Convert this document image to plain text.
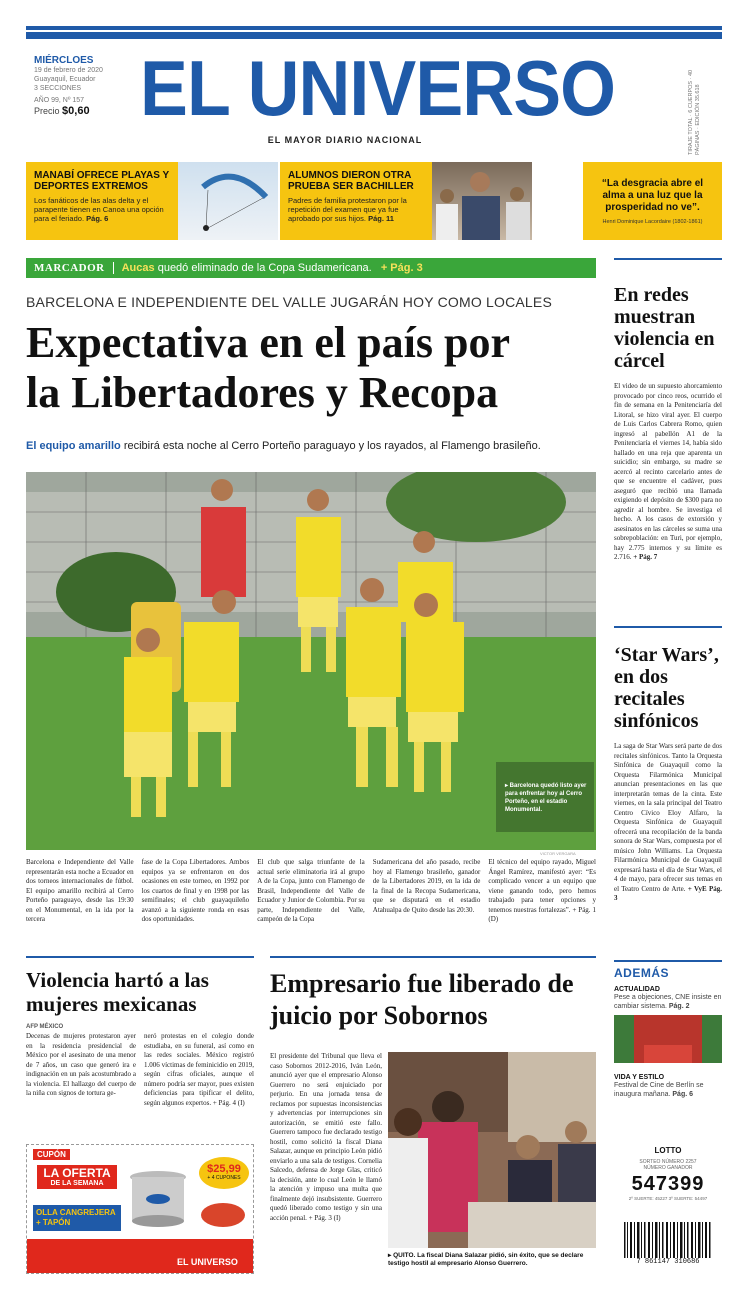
MIÉRCLOES
19 de febrero de 2020
Guayaquil, Ecuador
3 SECCIONES
AÑO 99, Nº 157
Precio $0,60 EL UNIVERSO
EL MAYOR DIARIO NACIONAL	TIRAJE TOTAL · 6 CUERPOS · 40 PÁGINAS · EDICIÓN 35.618
MANABÍ OFRECE PLAYAS Y DEPORTES EXTREMOS
Los fanáticos de las alas delta y el parapente tienen en Canoa una opción para el feriado. Pág. 6
ALUMNOS DIERON OTRA PRUEBA SER BACHILLER
Padres de familia protestaron por la repetición del examen que ya fue aprobado por sus hijos. Pág. 11
“La desgracia abre el alma a una luz que la prosperidad no ve”.
Henri Dominique Lacordaire (1802-1861)
MARCADOR Aucas quedó eliminado de la Copa Sudamericana. + Pág. 3
BARCELONA E INDEPENDIENTE DEL VALLE JUGARÁN HOY COMO LOCALES
Expectativa en el país por
la Libertadores y Recopa
El equipo amarillo recibirá esta noche al Cerro Porteño paraguayo y los rayados, al Flamengo brasileño.
▸ Barcelona quedó listo ayer para enfrentar hoy al Cerro Porteño, en el estadio Monumental.
VICTOR VERGARA
Barcelona e Independiente del Valle representarán esta noche a Ecuador en dos torneos internacionales de fútbol. El equipo amarillo recibirá al Cerro Porteño paraguayo, desde las 19:30 en el Monumental, en la ida por la tercera
fase de la Copa Libertadores. Ambos equipos ya se enfrentaron en dos ocasiones en este torneo, en 1992 por los cuartos de final y en 1998 por las semifinales; el club guayaquileño avanzó a la siguiente ronda en esas dos oportunidades.
El club que salga triunfante de la actual serie eliminatoria irá al grupo A de la Copa, junto con Flamengo de Brasil, Independiente del Valle de Ecuador y Junior de Colombia. Por su parte, Independiente del Valle, campeón de la Copa
Sudamericana del año pasado, recibe hoy al Flamengo brasileño, ganador de la Libertadores 2019, en la ida de la final de la Recopa Sudamericana, que se disputará en el estadio Atahualpa de Quito desde las 20:30.
El técnico del equipo rayado, Miguel Ángel Ramírez, manifestó ayer: “Es complicado vencer a un equipo que viene ganando todo, pero hemos trabajado para tener opciones y tenemos nuestras fortalezas”. + Pág. 1 (D)
En redes muestran violencia en cárcel
El video de un supuesto ahorcamiento provocado por cinco reos, ocurrido el fin de semana en la Penitenciaría del Litoral, se hizo viral ayer. El cuerpo de Luis Carlos Cabrera Romo, quien ingresó al pabellón A1 de la Penitenciaría el viernes 14, había sido hallado en una reja que aparenta un suicidio; sin embargo, su madre se acercó al recinto carcelario antes de que se encuentre el cadáver, pues aseguró que recibió una llamada exigiendo el depósito de $300 para no agredir al hombre. Se investiga el hecho. A los casos de extorsión y asesinatos en las cárceles se suma una sobrepoblación: en Turi, por ejemplo, hay 2.775 internos y su límite es 2.716. + Pág. 7
‘Star Wars’, en dos recitales sinfónicos
La saga de Star Wars será parte de dos recitales sinfónicos. Tanto la Orquesta Sinfónica de Guayaquil como la Orquesta Filarmónica Municipal anuncian presentaciones en las que interpretarán temas de la cinta. Este viernes, en la sala principal del Teatro Centro Cívico Eloy Alfaro, la Orquesta Sinfónica de Guayaquil ofrecerá una recopilación de la banda sonora de Star Wars, compuesta por el músico John Williams. La Orquesta Filarmónica Municipal de Guayaquil expresará hasta el día de Star Wars, el 4 de mayo, para ofrecer sus temas en el Teatro Centro de Arte. + VyE Pág. 3
Violencia hartó a las mujeres mexicanas
AFP MÉXICO
Decenas de mujeres protestaron ayer en la residencia presidencial de México por el asesinato de una menor de 7 años, un caso que generó ira e indignación en un país acostumbrado a la violencia. El hallazgo del cuerpo de la niña con signos de tortura ge-
neró protestas en el colegio donde estudiaba, en su funeral, así como en las redes sociales. México registró 1.006 víctimas de feminicidio en 2019, según cifras oficiales, aunque el número podría ser mayor, pues existen deficiencias para tipificar el delito, según algunos expertos. + Pág. 4 (I)
CUPÓN
LA OFERTA
DE LA SEMANA
OLLA CANGREJERA + TAPÓN
$25,99
+ 4 CUPONES
EL UNIVERSO
Empresario fue liberado de juicio por Sobornos
El presidente del Tribunal que lleva el caso Sobornos 2012-2016, Iván León, anunció ayer que el empresario Alonso Guerrero no será enjuiciado por perjurio. En una jornada tensa de reclamos por supuestas inconsistencias y advertencias por interrupciones sin autorización, se emitió este fallo. Guerrero tampoco fue declarado testigo hostil, como solicitó la fiscal Diana Salazar, aunque en principio León pidió enviarlo a una sala de testigos. Cornelia Salcedo, defensa de Jorge Glas, criticó la decisión, ante lo cual León le llamó la atención y impuso una multa que finalmente dejó insubsistente. Guerrero quedó liberado como testigo y sin una acción penal. + Pág. 3 (I)
▸ QUITO. La fiscal Diana Salazar pidió, sin éxito, que se declare testigo hostil al empresario Alonso Guerrero.
ADEMÁS
ACTUALIDAD
Pese a objeciones, CNE insiste en cambiar sistema. Pág. 2
VIDA Y ESTILO
Festival de Cine de Berlín se inaugura mañana. Pág. 6
LOTTO
SORTEO NÚMERO 2257
NÚMERO GANADOR
547399
2º SUERTE: 45227 3º SUERTE: 54497
7 861147 310686
